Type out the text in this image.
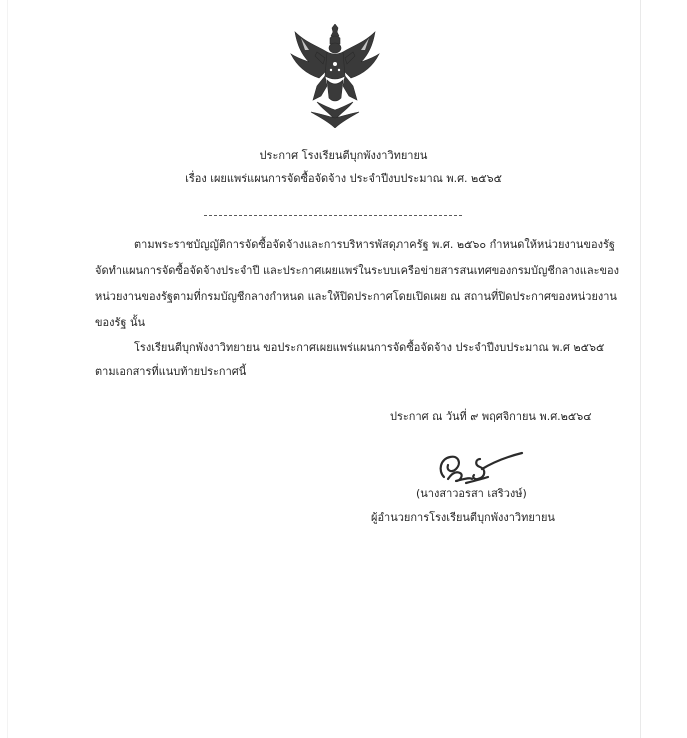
ประกาศ โรงเรียนตีบุกพังงาวิทยายน
เรื่อง เผยแพร่แผนการจัดซื้อจัดจ้าง ประจำปีงบประมาณ พ.ศ. ๒๕๖๕
ตามพระราชบัญญัติการจัดซื้อจัดจ้างและการบริหารพัสดุภาครัฐ พ.ศ. ๒๕๖๐ กำหนดให้หน่วยงานของรัฐ
จัดทำแผนการจัดซื้อจัดจ้างประจำปี และประกาศเผยแพร่ในระบบเครือข่ายสารสนเทศของกรมบัญชีกลางและของ
หน่วยงานของรัฐตามที่กรมบัญชีกลางกำหนด และให้ปิดประกาศโดยเปิดเผย ณ สถานที่ปิดประกาศของหน่วยงาน
ของรัฐ นั้น
โรงเรียนตีบุกพังงาวิทยายน ขอประกาศเผยแพร่แผนการจัดซื้อจัดจ้าง ประจำปีงบประมาณ พ.ศ ๒๕๖๕
ตามเอกสารที่แนบท้ายประกาศนี้
ประกาศ ณ วันที่ ๙ พฤศจิกายน พ.ศ.๒๕๖๔
(นางสาวอรสา เสริวงษ์)
ผู้อำนวยการโรงเรียนตีบุกพังงาวิทยายน
